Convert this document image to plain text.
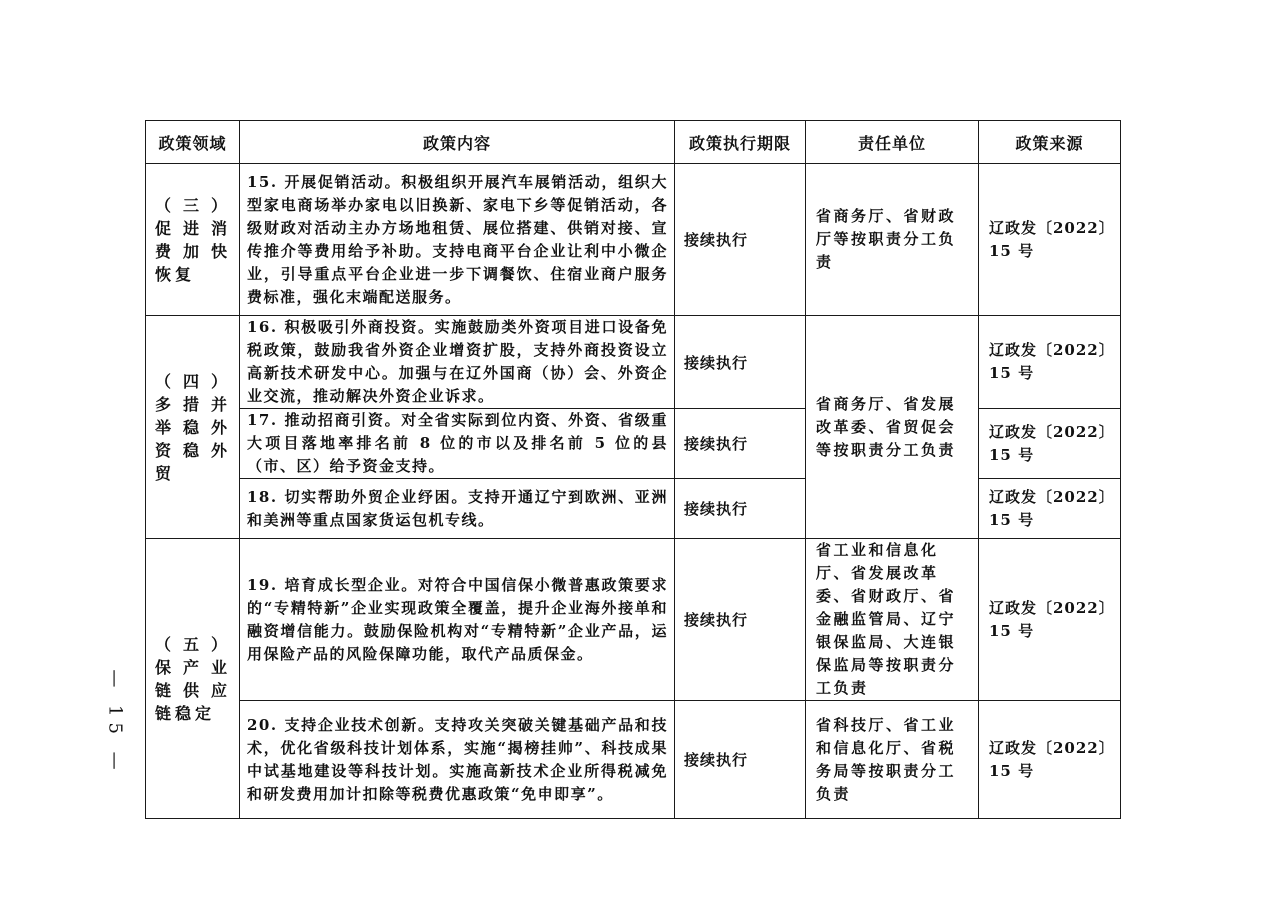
政策领域	政策内容	政策执行期限	责任单位	政策来源
（三）促进消费加快恢复	15. 开展促销活动。积极组织开展汽车展销活动，组织大型家电商场举办家电以旧换新、家电下乡等促销活动，各级财政对活动主办方场地租赁、展位搭建、供销对接、宣传推介等费用给予补助。支持电商平台企业让利中小微企业，引导重点平台企业进一步下调餐饮、住宿业商户服务费标准，强化末端配送服务。	接续执行	省商务厅、省财政厅等按职责分工负责	辽政发〔2022〕
15 号

（四）多措并举稳外资稳外贸	16. 积极吸引外商投资。实施鼓励类外资项目进口设备免税政策，鼓励我省外资企业增资扩股，支持外商投资设立高新技术研发中心。加强与在辽外国商（协）会、外资企业交流，推动解决外资企业诉求。	接续执行	省商务厅、省发展改革委、省贸促会等按职责分工负责	辽政发〔2022〕
15 号

	17. 推动招商引资。对全省实际到位内资、外资、省级重大项目落地率排名前 8 位的市以及排名前 5 位的县（市、区）给予资金支持。	接续执行		辽政发〔2022〕
15 号

	18. 切实帮助外贸企业纾困。支持开通辽宁到欧洲、亚洲和美洲等重点国家货运包机专线。	接续执行		辽政发〔2022〕
15 号

（五）保产业链供应链稳定	19. 培育成长型企业。对符合中国信保小微普惠政策要求的“专精特新”企业实现政策全覆盖，提升企业海外接单和融资增信能力。鼓励保险机构对“专精特新”企业产品，运用保险产品的风险保障功能，取代产品质保金。	接续执行	省工业和信息化厅、省发展改革委、省财政厅、省金融监管局、辽宁银保监局、大连银保监局等按职责分工负责	辽政发〔2022〕
15 号

	20. 支持企业技术创新。支持攻关突破关键基础产品和技术，优化省级科技计划体系，实施“揭榜挂帅”、科技成果中试基地建设等科技计划。实施高新技术企业所得税减免和研发费用加计扣除等税费优惠政策“免申即享”。	接续执行	省科技厅、省工业和信息化厅、省税务局等按职责分工负责	辽政发〔2022〕
15 号
— 15 —
